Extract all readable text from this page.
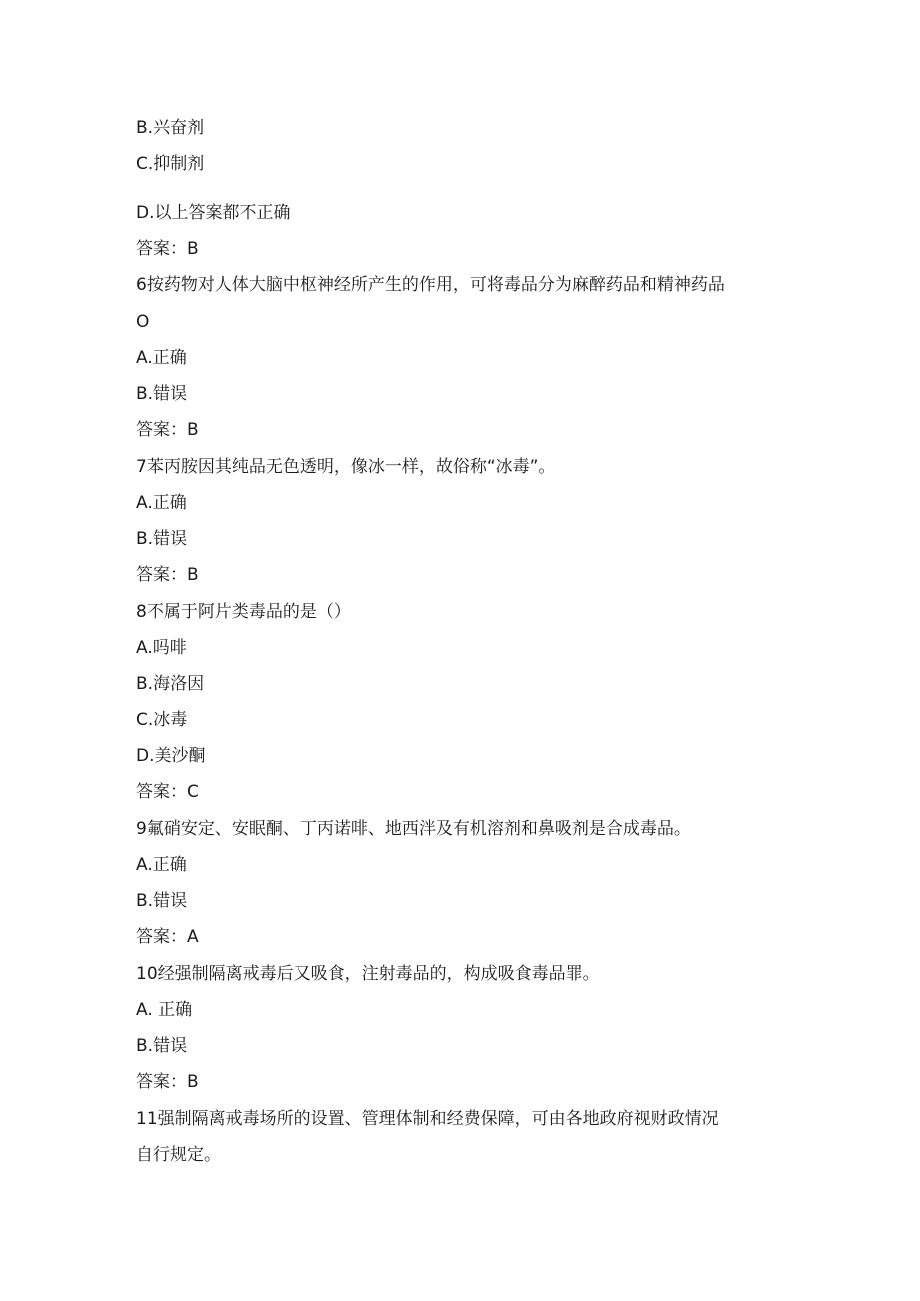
B.兴奋剂

C.抑制剂

D.以上答案都不正确

答案：B

6按药物对人体大脑中枢神经所产生的作用，可将毒品分为麻醉药品和精神药品

O

A.正确

B.错误

答案：B

7苯丙胺因其纯品无色透明，像冰一样，故俗称“冰毒”。

A.正确

B.错误

答案：B

8不属于阿片类毒品的是（）

A.吗啡

B.海洛因

C.冰毒

D.美沙酮

答案：C

9氟硝安定、安眠酮、丁丙诺啡、地西泮及有机溶剂和鼻吸剂是合成毒品。

A.正确

B.错误

答案：A

10经强制隔离戒毒后又吸食，注射毒品的，构成吸食毒品罪。

A. 正确

B.错误

答案：B

11强制隔离戒毒场所的设置、管理体制和经费保障，可由各地政府视财政情况

自行规定。
